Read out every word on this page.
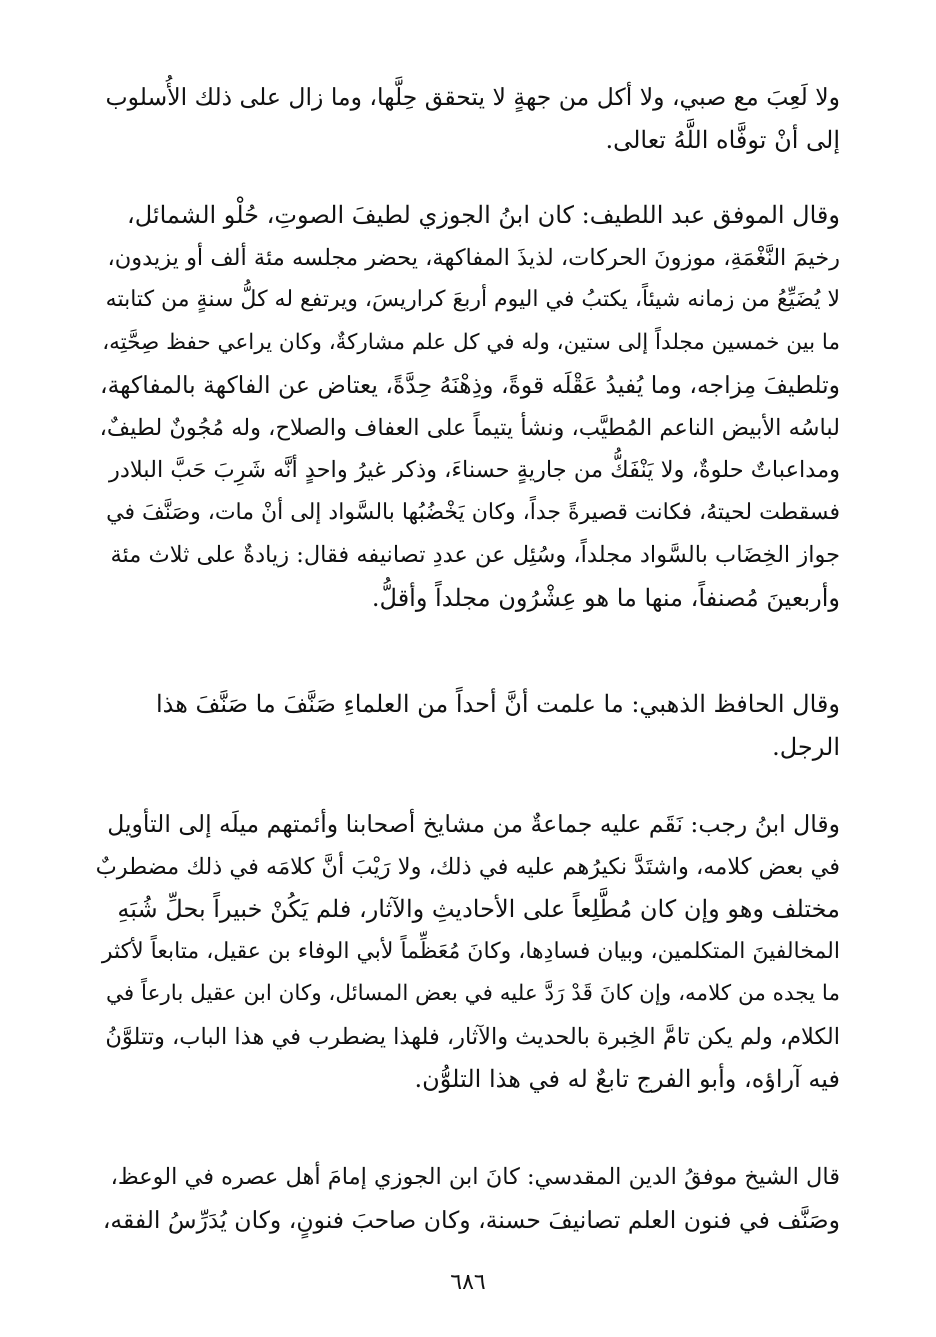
ولا لَعِبَ مع صبي، ولا أكل من جهةٍ لا يتحقق حِلَّها، وما زال على ذلك الأُسلوب
إلى أنْ توفَّاه اللَّهُ تعالى.
وقال الموفق عبد اللطيف: كان ابنُ الجوزي لطيفَ الصوتِ، حُلْو الشمائل،
رخيمَ النَّغْمَةِ، موزونَ الحركات، لذيذَ المفاكهة، يحضر مجلسه مئة ألف أو يزيدون،
لا يُضَيِّعُ من زمانه شيئاً، يكتبُ في اليوم أربعَ كراريسَ، ويرتفع له كلُّ سنةٍ من كتابته
ما بين خمسين مجلداً إلى ستين، وله في كل علم مشاركةٌ، وكان يراعي حفظ صِحَّتِه،
وتلطيفَ مِزاجه، وما يُفيدُ عَقْلَه قوةً، وذِهْنَهُ حِدَّةً، يعتاض عن الفاكهة بالمفاكهة،
لباسُه الأبيض الناعم المُطيَّب، ونشأ يتيماً على العفاف والصلاح، وله مُجُونٌ لطيفٌ،
ومداعباتٌ حلوةٌ، ولا يَنْفَكُّ من جاريةٍ حسناءَ، وذكر غيرُ واحدٍ أنَّه شَرِبَ حَبَّ البلادر
فسقطت لحيتهُ، فكانت قصيرةً جداً، وكان يَخْضُبُها بالسَّواد إلى أنْ مات، وصَنَّفَ في
جواز الخِضَاب بالسَّواد مجلداً، وسُئِل عن عددِ تصانيفه فقال: زيادةٌ على ثلاث مئة
وأربعينَ مُصنفاً، منها ما هو عِشْرُون مجلداً وأقلُّ.
وقال الحافظ الذهبي: ما علمت أنَّ أحداً من العلماءِ صَنَّفَ ما صَنَّفَ هذا
الرجل.
وقال ابنُ رجب: نَقَم عليه جماعةٌ من مشايخ أصحابنا وأئمتهم ميلَه إلى التأويل
في بعض كلامه، واشتَدَّ نكيرُهم عليه في ذلك، ولا رَيْبَ أنَّ كلامَه في ذلك مضطربٌ
مختلف وهو وإن كان مُطَّلِعاً على الأحاديثِ والآثار، فلم يَكُنْ خبيراً بحلِّ شُبَهِ
المخالفينَ المتكلمين، وبيان فسادِها، وكانَ مُعَظِّماً لأبي الوفاء بن عقيل، متابعاً لأكثر
ما يجده من كلامه، وإن كانَ قَدْ رَدَّ عليه في بعض المسائل، وكان ابن عقيل بارعاً في
الكلام، ولم يكن تامَّ الخِبرة بالحديث والآثار، فلهذا يضطرب في هذا الباب، وتتلوَّنُ
فيه آراؤه، وأبو الفرج تابعٌ له في هذا التلوُّن.
قال الشيخ موفقُ الدين المقدسي: كانَ ابن الجوزي إمامَ أهل عصره في الوعظ،
وصَنَّف في فنون العلم تصانيفَ حسنة، وكان صاحبَ فنونٍ، وكان يُدَرِّسُ الفقه،
٦٨٦
